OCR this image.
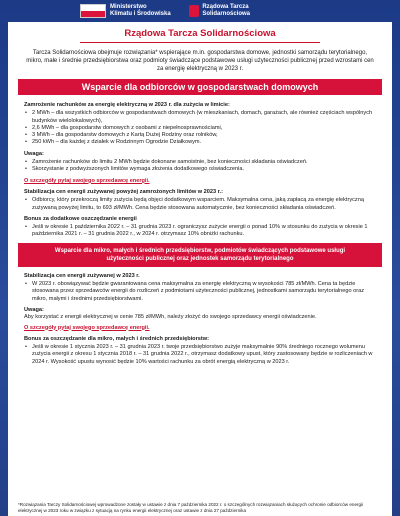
Ministerstwo
Klimatu i Środowiska
Rządowa Tarcza
Solidarnościowa
Rządowa Tarcza Solidarnościowa

Tarcza Solidarnościowa obejmuje rozwiązania* wspierające m.in. gospodarstwa domowe, jednostki samorządu terytorialnego, mikro, małe i średnie przedsiębiorstwa oraz podmioty świadczące podstawowe usługi użyteczności publicznej przed wzrostami cen za energię elektryczną w 2023 r.

Wsparcie dla odbiorców w gospodarstwach domowych
Zamrożenie rachunków za energię elektryczną w 2023 r. dla zużycia w limicie:
• 2 MWh – dla wszystkich odbiorców w gospodarstwach domowych (w mieszkaniach, domach, garażach, ale również częściach wspólnych budynków wielolokalowych),
• 2,6 MWh – dla gospodarstw domowych z osobami z niepełnosprawnościami,
• 3 MWh – dla gospodarstw domowych z Kartą Dużej Rodziny oraz rolników,
• 250 kWh – dla każdej z działek w Rodzinnym Ogrodzie Działkowym.
Uwaga:
• Zamrożenie rachunków do limitu 2 MWh będzie dokonane samoistnie, bez konieczności składania oświadczeń.
• Skorzystanie z podwyższonych limitów wymaga złożenia dodatkowego oświadczenia.
O szczegóły pytaj swojego sprzedawcę energii.
Stabilizacja cen energii zużywanej powyżej zamrożonych limitów w 2023 r.:
• Odbiorcy, który przekroczą limity zużycia będą objęci dodatkowym wsparciem. Maksymalna cena, jaką zapłacą za energię elektryczną zużywaną powyżej limitu, to 693 zł/MWh. Cena będzie stosowana automatycznie, bez konieczności składania oświadczeń.
Bonus za dodatkowe oszczędzanie energii
• Jeśli w okresie 1 października 2022 r. – 31 grudnia 2023 r. ograniczysz zużycie energii o ponad 10% w stosunku do zużycia w okresie 1 października 2021 r. – 31 grudnia 2022 r., w 2024 r. otrzymasz 10% obniżki rachunku.
Wsparcie dla mikro, małych i średnich przedsiębiorstw, podmiotów świadczących podstawowe usługi użyteczności publicznej oraz jednostek samorządu terytorialnego
Stabilizacja cen energii zużywanej w 2023 r.
• W 2023 r. obowiązywać będzie gwarantowana cena maksymalna za energię elektryczną w wysokości 785 zł/MWh. Cena ta będzie stosowana przez sprzedawców energii do rozliczeń z podmiotami użyteczności publicznej, jednostkami samorządu terytorialnego oraz mikro, małymi i średnimi przedsiębiorstwami.
Uwaga:
Aby korzystać z energii elektrycznej w cenie 785 zł/MWh, należy złożyć do swojego sprzedawcy energii oświadczenie.
O szczegóły pytaj swojego sprzedawcę energii.
Bonus za oszczędzanie dla mikro, małych i średnich przedsiębiorstw:
• Jeśli w okresie 1 stycznia 2023 r. – 31 grudnia 2023 r. twoje przedsiębiorstwo zużyje maksymalnie 90% średniego rocznego wolumenu zużycia energii z okresu 1 stycznia 2018 r. – 31 grudnia 2022 r., otrzymasz dodatkowy upust, który zastosowany będzie w rozliczeniach w 2024 r. Wysokość upustu wynosić będzie 10% wartości rachunku za obrót energią elektryczną w 2023 r.
*Rozwiązania Tarczy Solidarnościowej wprowadzone zostały w ustawie z dnia 7 października 2022 r. o szczególnych rozwiązaniach służących ochronie odbiorców energii elektrycznej w 2023 roku w związku z sytuacją na rynku energii elektrycznej oraz ustawie z dnia 27 października
